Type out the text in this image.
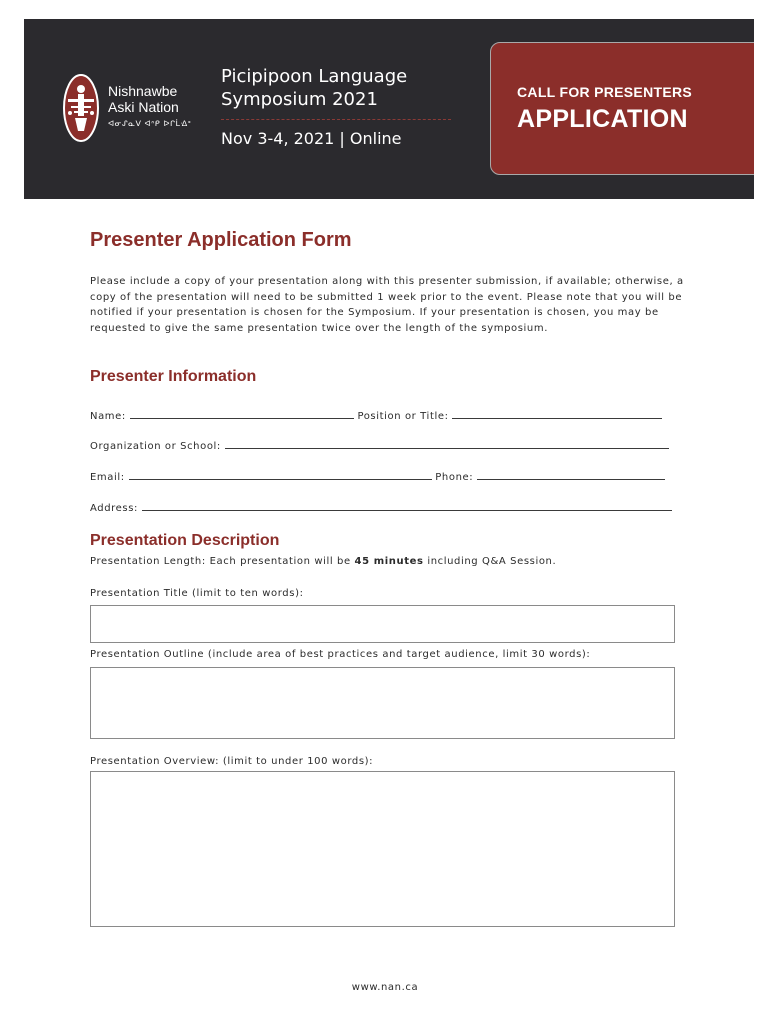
Nishnawbe
Aski Nation
ᐊᓂᔑᓇᐯ ᐊᐢᑭ ᐅᒋᒫᐎᐣ
Picipipoon Language
Symposium 2021
Nov 3-4, 2021 | Online
CALL FOR PRESENTERS
APPLICATION
Presenter Application Form

Please include a copy of your presentation along with this presenter submission, if available; otherwise, a copy of the presentation will need to be submitted 1 week prior to the event. Please note that you will be notified if your presentation is chosen for the Symposium. If your presentation is chosen, you may be requested to give the same presentation twice over the length of the symposium.

Presenter Information
Name:	Position or Title:
Organization or School:
Email:	Phone:
Address:
Presentation Description
Presentation Length: Each presentation will be 45 minutes including Q&A Session.
Presentation Title (limit to ten words):
Presentation Outline (include area of best practices and target audience, limit 30 words):
Presentation Overview: (limit to under 100 words):
www.nan.ca
